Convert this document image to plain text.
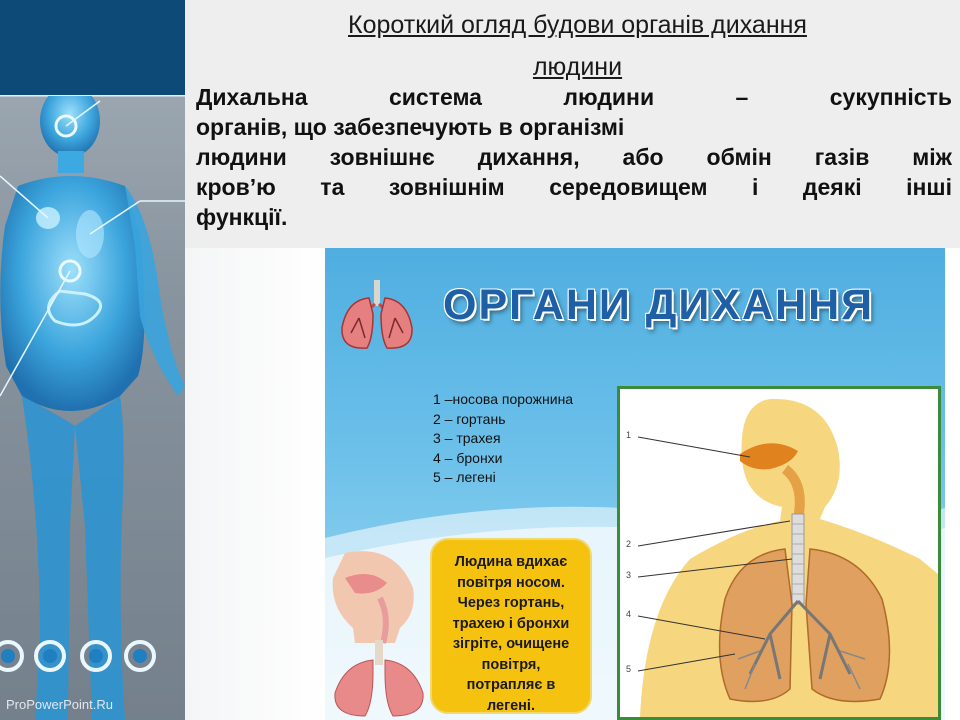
ProPowerPoint.Ru
Короткий огляд будови органів дихання
людини
Дихальна система людини – сукупність
органів, що забезпечують в організмі
людини зовнішнє дихання, або обмін газів між
кров’ю та зовнішнім середовищем і деякі інші
функції.
ОРГАНИ ДИХАННЯ
1 –носова порожнина
2 – гортань
3 – трахея
4 – бронхи
5 – легені
1
2
3
4
5
Людина вдихає
повітря носом.
Через гортань,
трахею і бронхи
зігріте, очищене
повітря,
потрапляє в
легені.
